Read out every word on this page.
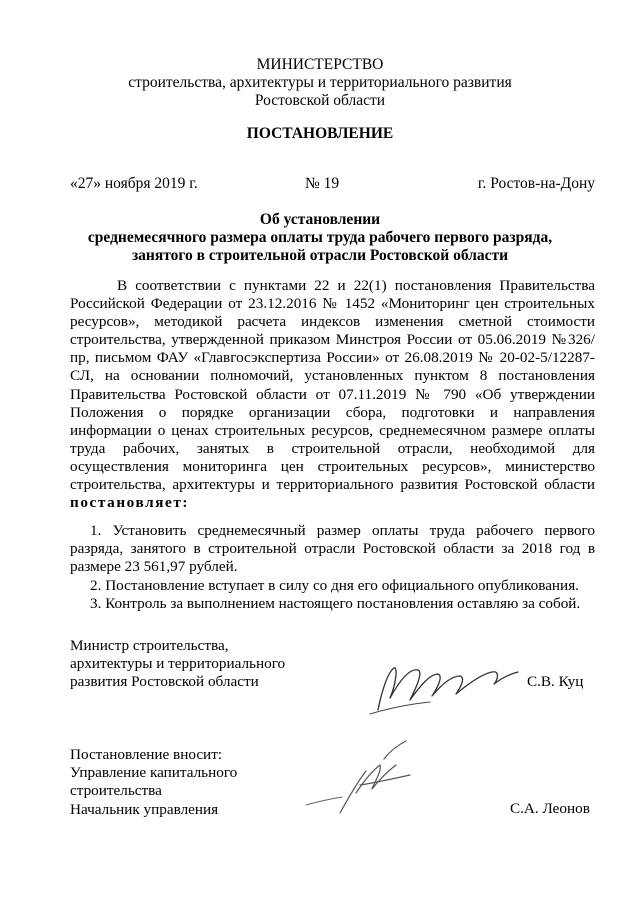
МИНИСТЕРСТВО
строительства, архитектуры и территориального развития
Ростовской области
ПОСТАНОВЛЕНИЕ
«27» ноября 2019 г.	№ 19	г. Ростов-на-Дону
Об установлении
среднемесячного размера оплаты труда рабочего первого разряда,
занятого в строительной отрасли Ростовской области

В соответствии с пунктами 22 и 22(1) постановления Правительства Российской Федерации от 23.12.2016 № 1452 «Мониторинг цен строительных ресурсов», методикой расчета индексов изменения сметной стоимости строительства, утвержденной приказом Минстроя России от 05.06.2019 №326/пр, письмом ФАУ «Главгосэкспертиза России» от 26.08.2019 № 20-02-5/12287-СЛ, на основании полномочий, установленных пунктом 8 постановления Правительства Ростовской области от 07.11.2019 № 790 «Об утверждении Положения о порядке организации сбора, подготовки и направления информации о ценах строительных ресурсов, среднемесячном размере оплаты труда рабочих, занятых в строительной отрасли, необходимой для осуществления мониторинга цен строительных ресурсов», министерство строительства, архитектуры и территориального развития Ростовской области постановляет:

1. Установить среднемесячный размер оплаты труда рабочего первого разряда, занятого в строительной отрасли Ростовской области за 2018 год в размере 23 561,97 рублей.

2. Постановление вступает в силу со дня его официального опубликования.

3. Контроль за выполнением настоящего постановления оставляю за собой.

Министр строительства,
архитектуры и территориального
развития Ростовской области	С.В. Куц
Постановление вносит:
Управление капитального
строительства
Начальник управления	С.А. Леонов
